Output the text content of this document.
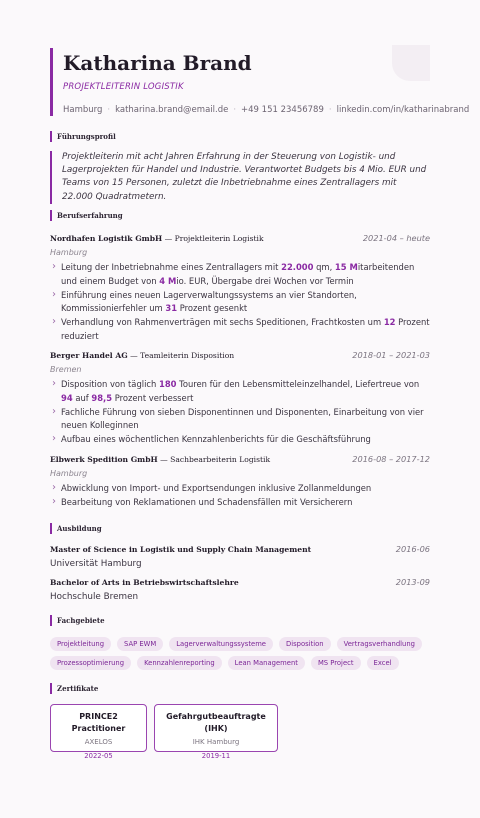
Katharina Brand
PROJEKTLEITERIN LOGISTIK
Hamburg · katharina.brand@email.de · +49 151 23456789 · linkedin.com/in/katharinabrand
Führungsprofil
Projektleiterin mit acht Jahren Erfahrung in der Steuerung von Logistik- und Lagerprojekten für Handel und Industrie. Verantwortet Budgets bis 4 Mio. EUR und Teams von 15 Personen, zuletzt die Inbetriebnahme eines Zentrallagers mit 22.000 Quadratmetern.
Berufserfahrung
Nordhafen Logistik GmbH — Projektleiterin Logistik	2021-04 – heute
Hamburg
› Leitung der Inbetriebnahme eines Zentrallagers mit 22.000 qm, 15 Mitarbeitenden und einem Budget von 4 Mio. EUR, Übergabe drei Wochen vor Termin
› Einführung eines neuen Lagerverwaltungssystems an vier Standorten, Kommissionierfehler um 31 Prozent gesenkt
› Verhandlung von Rahmenverträgen mit sechs Speditionen, Frachtkosten um 12 Prozent reduziert
Berger Handel AG — Teamleiterin Disposition	2018-01 – 2021-03
Bremen
› Disposition von täglich 180 Touren für den Lebensmitteleinzelhandel, Liefertreue von 94 auf 98,5 Prozent verbessert
› Fachliche Führung von sieben Disponentinnen und Disponenten, Einarbeitung von vier neuen Kolleginnen
› Aufbau eines wöchentlichen Kennzahlenberichts für die Geschäftsführung
Elbwerk Spedition GmbH — Sachbearbeiterin Logistik	2016-08 – 2017-12
Hamburg
› Abwicklung von Import- und Exportsendungen inklusive Zollanmeldungen
› Bearbeitung von Reklamationen und Schadensfällen mit Versicherern
Ausbildung
Master of Science in Logistik und Supply Chain Management	2016-06
Universität Hamburg
Bachelor of Arts in Betriebswirtschaftslehre	2013-09
Hochschule Bremen
Fachgebiete
Projektleitung	SAP EWM	Lagerverwaltungssysteme	Disposition	Vertragsverhandlung
Prozessoptimierung	Kennzahlenreporting	Lean Management	MS Project	Excel
Zertifikate
PRINCE2 Practitioner
AXELOS
2022-05
Gefahrgutbeauftragte (IHK)
IHK Hamburg
2019-11
